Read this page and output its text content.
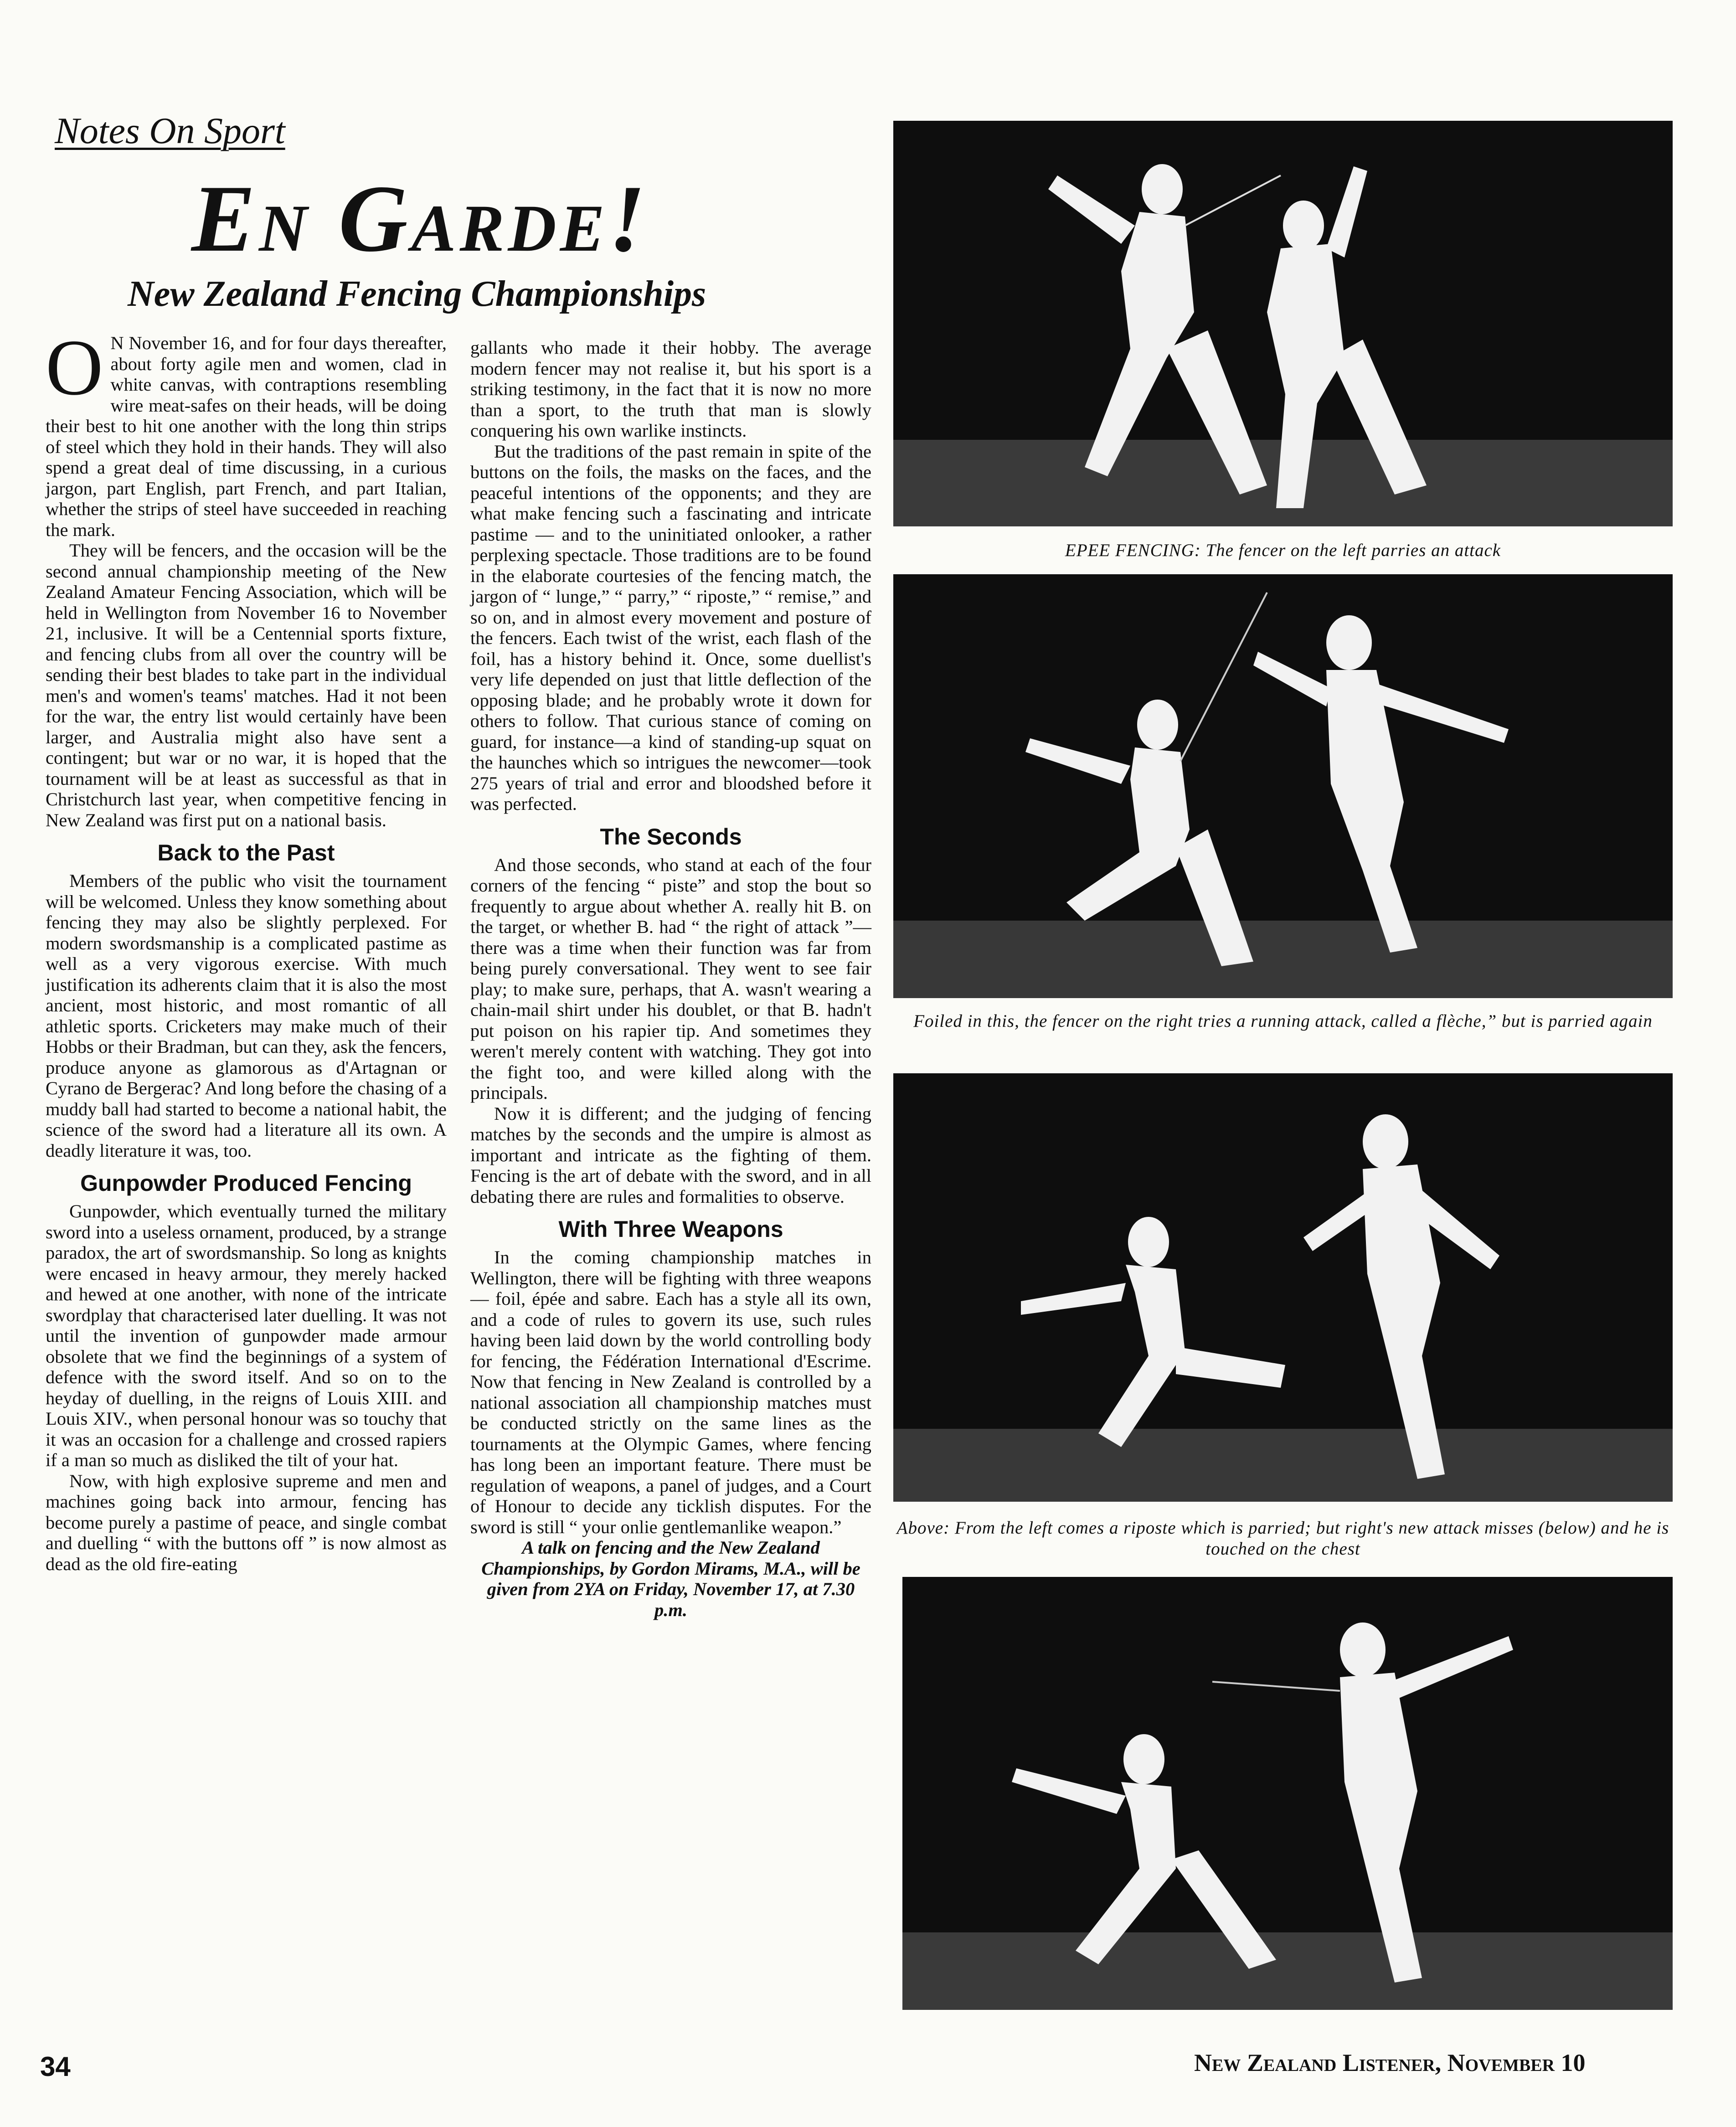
Notes On Sport
En Garde!
New Zealand Fencing Championships
O N November 16, and for four days thereafter, about forty agile men and women, clad in white canvas, with contraptions resembling wire meat-safes on their heads, will be doing their best to hit one another with the long thin strips of steel which they hold in their hands. They will also spend a great deal of time discussing, in a curious jargon, part English, part French, and part Italian, whether the strips of steel have succeeded in reaching the mark.

They will be fencers, and the occasion will be the second annual championship meeting of the New Zealand Amateur Fencing Association, which will be held in Wellington from November 16 to November 21, inclusive. It will be a Centennial sports fixture, and fencing clubs from all over the country will be sending their best blades to take part in the individual men's and women's teams' matches. Had it not been for the war, the entry list would certainly have been larger, and Australia might also have sent a contingent; but war or no war, it is hoped that the tournament will be at least as successful as that in Christchurch last year, when competitive fencing in New Zealand was first put on a national basis.

Back to the Past

Members of the public who visit the tournament will be welcomed. Unless they know something about fencing they may also be slightly perplexed. For modern swordsmanship is a complicated pastime as well as a very vigorous exercise. With much justification its adherents claim that it is also the most ancient, most historic, and most romantic of all athletic sports. Cricketers may make much of their Hobbs or their Bradman, but can they, ask the fencers, produce anyone as glamorous as d'Artagnan or Cyrano de Bergerac? And long before the chasing of a muddy ball had started to become a national habit, the science of the sword had a literature all its own. A deadly literature it was, too.

Gunpowder Produced Fencing

Gunpowder, which eventually turned the military sword into a useless ornament, produced, by a strange paradox, the art of swordsmanship. So long as knights were encased in heavy armour, they merely hacked and hewed at one another, with none of the intricate swordplay that characterised later duelling. It was not until the invention of gunpowder made armour obsolete that we find the beginnings of a system of defence with the sword itself. And so on to the heyday of duelling, in the reigns of Louis XIII. and Louis XIV., when personal honour was so touchy that it was an occasion for a challenge and crossed rapiers if a man so much as disliked the tilt of your hat.

Now, with high explosive supreme and men and machines going back into armour, fencing has become purely a pastime of peace, and single combat and duelling “ with the buttons off ” is now almost as dead as the old fire-eating

gallants who made it their hobby. The average modern fencer may not realise it, but his sport is a striking testimony, in the fact that it is now no more than a sport, to the truth that man is slowly conquering his own warlike instincts.

But the traditions of the past remain in spite of the buttons on the foils, the masks on the faces, and the peaceful intentions of the opponents; and they are what make fencing such a fascinating and intricate pastime — and to the uninitiated onlooker, a rather perplexing spectacle. Those traditions are to be found in the elaborate courtesies of the fencing match, the jargon of “ lunge,” “ parry,” “ riposte,” “ remise,” and so on, and in almost every movement and posture of the fencers. Each twist of the wrist, each flash of the foil, has a history behind it. Once, some duellist's very life depended on just that little deflection of the opposing blade; and he probably wrote it down for others to follow. That curious stance of coming on guard, for instance—a kind of standing-up squat on the haunches which so intrigues the newcomer—took 275 years of trial and error and bloodshed before it was perfected.

The Seconds

And those seconds, who stand at each of the four corners of the fencing “ piste” and stop the bout so frequently to argue about whether A. really hit B. on the target, or whether B. had “ the right of attack ”—there was a time when their function was far from being purely conversational. They went to see fair play; to make sure, perhaps, that A. wasn't wearing a chain-mail shirt under his doublet, or that B. hadn't put poison on his rapier tip. And sometimes they weren't merely content with watching. They got into the fight too, and were killed along with the principals.

Now it is different; and the judging of fencing matches by the seconds and the umpire is almost as important and intricate as the fighting of them. Fencing is the art of debate with the sword, and in all debating there are rules and formalities to observe.

With Three Weapons

In the coming championship matches in Wellington, there will be fighting with three weapons — foil, épée and sabre. Each has a style all its own, and a code of rules to govern its use, such rules having been laid down by the world controlling body for fencing, the Fédération International d'Escrime. Now that fencing in New Zealand is controlled by a national association all championship matches must be conducted strictly on the same lines as the tournaments at the Olympic Games, where fencing has long been an important feature. There must be regulation of weapons, a panel of judges, and a Court of Honour to decide any ticklish disputes. For the sword is still “ your onlie gentlemanlike weapon.”

A talk on fencing and the New Zealand Championships, by Gordon Mirams, M.A., will be given from 2YA on Friday, November 17, at 7.30 p.m.

EPEE FENCING: The fencer on the left parries an attack
Foiled in this, the fencer on the right tries a running attack, called a flèche,” but is parried again
Above: From the left comes a riposte which is parried; but right's new attack misses (below) and he is touched on the chest
34	New Zealand Listener, November 10
